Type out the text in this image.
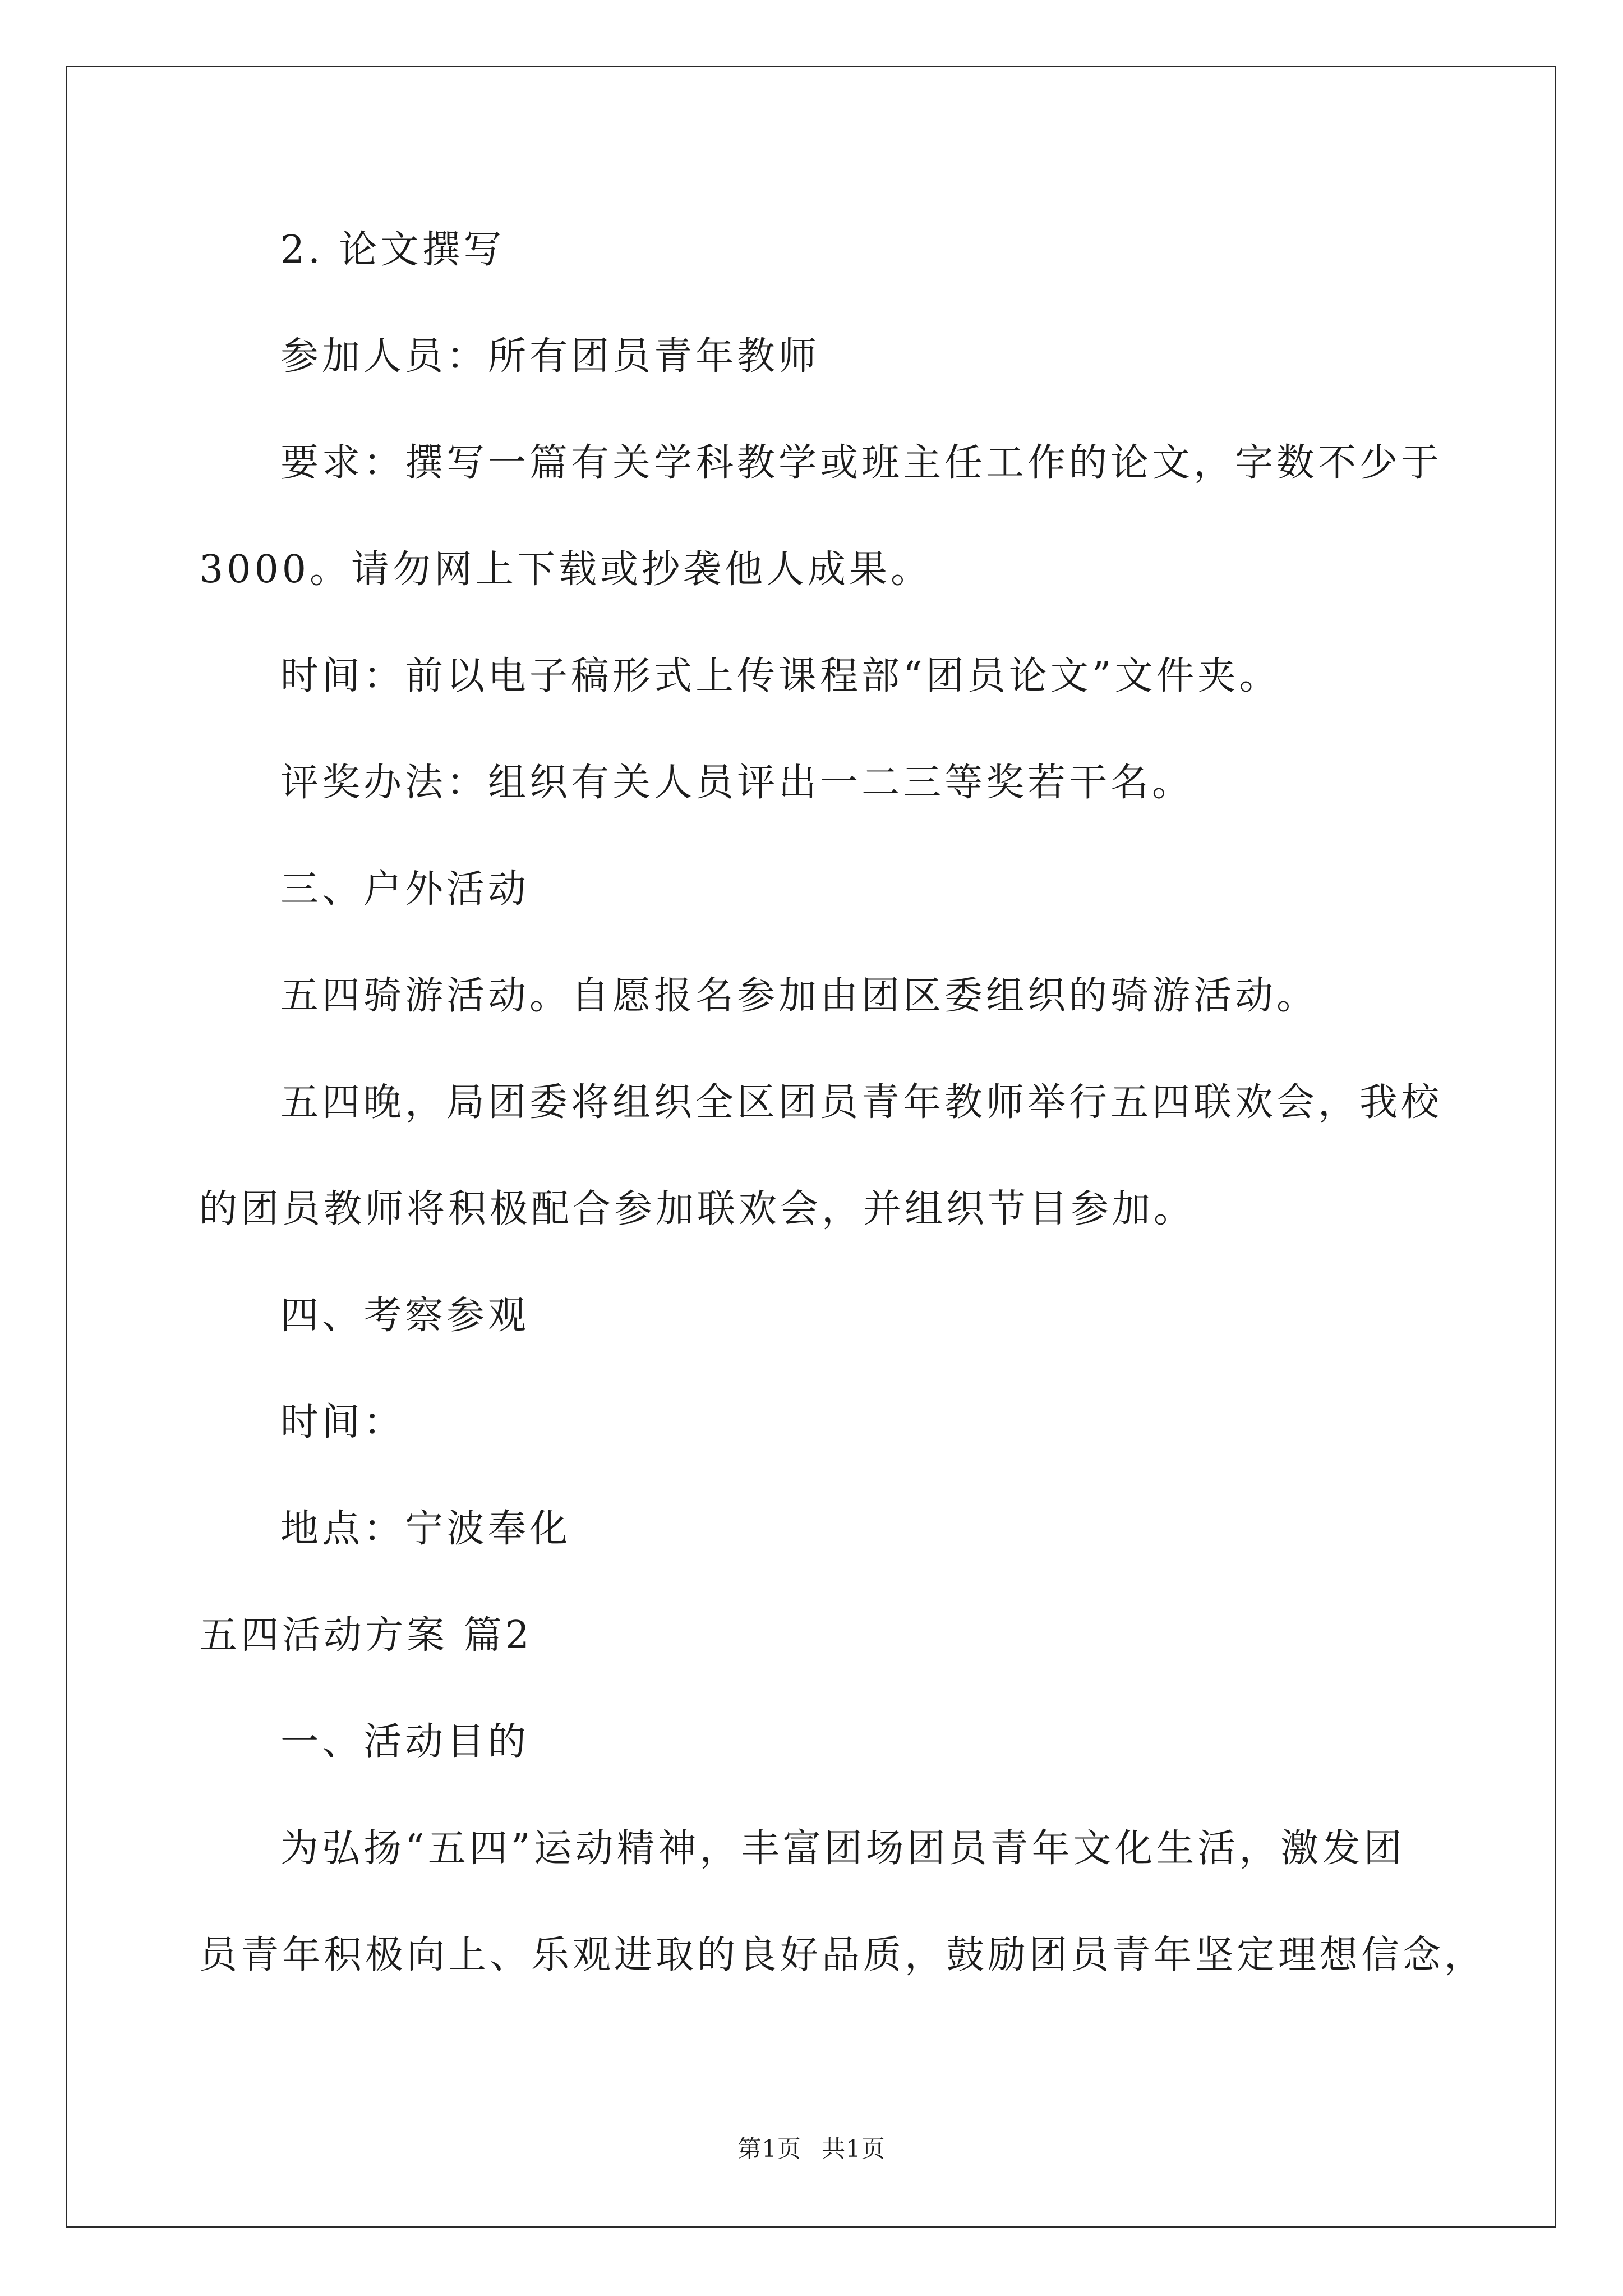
2. 论文撰写
参加人员：所有团员青年教师
要求：撰写一篇有关学科教学或班主任工作的论文，字数不少于
3000。请勿网上下载或抄袭他人成果。
时间：前以电子稿形式上传课程部“团员论文”文件夹。
评奖办法：组织有关人员评出一二三等奖若干名。
三、户外活动
五四骑游活动。自愿报名参加由团区委组织的骑游活动。
五四晚，局团委将组织全区团员青年教师举行五四联欢会，我校
的团员教师将积极配合参加联欢会，并组织节目参加。
四、考察参观
时间：
地点：宁波奉化
五四活动方案 篇2
一、活动目的
为弘扬“五四”运动精神，丰富团场团员青年文化生活，激发团
员青年积极向上、乐观进取的良好品质，鼓励团员青年坚定理想信念，
第1页 共1页
